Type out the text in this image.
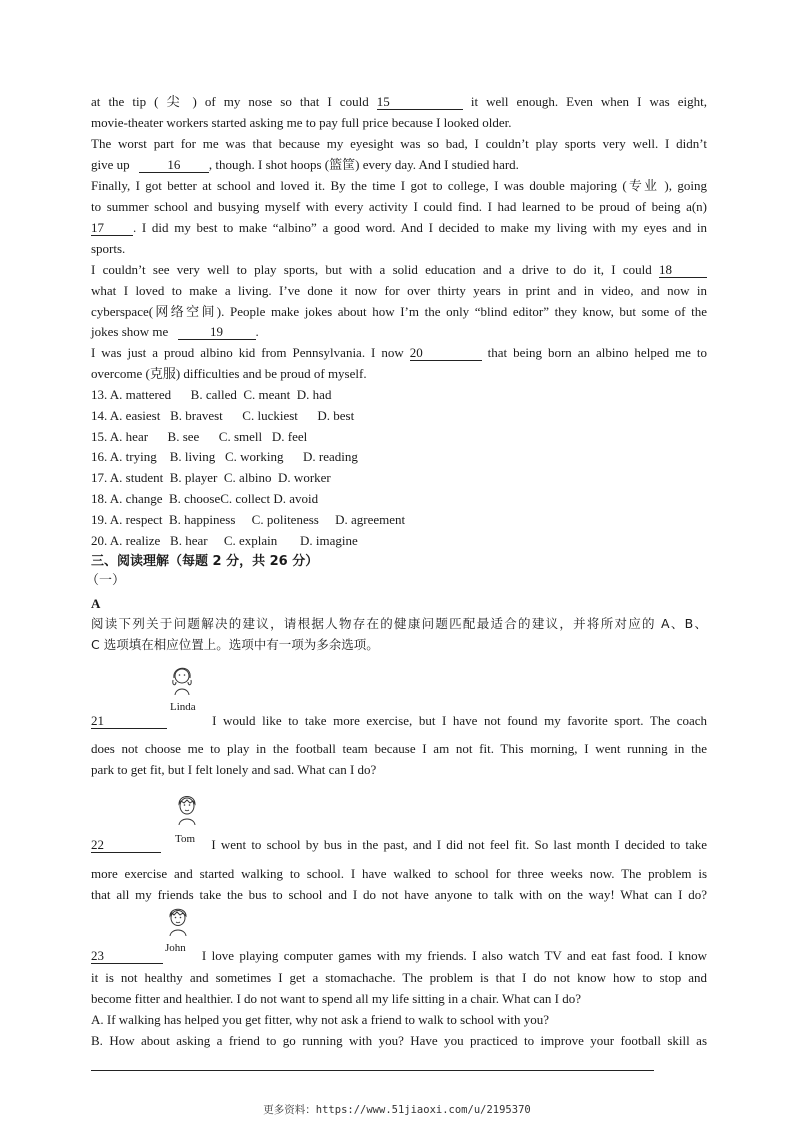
at the tip ( 尖 ) of my nose so that I could 15	it well enough. Even when I was eight,
movie-theater workers started asking me to pay full price because I looked older.
The worst part for me was that because my eyesight was so bad, I couldn’t play sports very well. I didn’t
give up	16 , though. I shot hoops (篮筐) every day. And I studied hard.
Finally, I got better at school and loved it. By the time I got to college, I was double majoring (专业 ), going
to summer school and busying myself with every activity I could find. I had learned to be proud of being a(n)
17 . I did my best to make “albino” a good word. And I decided to make my living with my eyes and in
sports.
I couldn’t see very well to play sports, but with a solid education and a drive to do it, I could 18
what I loved to make a living. I’ve done it now for over thirty years in print and in video, and now in
cyberspace(网络空间). People make jokes about how I’m the only “blind editor” they know, but some of the
jokes show me	19	.
I was just a proud albino kid from Pennsylvania. I now 20	that being born an albino helped me to
overcome (克服) difficulties and be proud of myself.
13. A. mattered      B. called  C. meant  D. had
14. A. easiest   B. bravest      C. luckiest      D. best
15. A. hear      B. see      C. smell   D. feel
16. A. trying    B. living   C. working      D. reading
17. A. student  B. player  C. albino  D. worker
18. A. change  B. chooseC. collect D. avoid
19. A. respect  B. happiness     C. politeness     D. agreement
20. A. realize   B. hear     C. explain       D. imagine
三、阅读理解（每题 2 分，共 26 分）
（一）
A
阅读下列关于问题解决的建议，请根据人物存在的健康问题匹配最适合的建议，并将所对应的 A、B、
C 选项填在相应位置上。选项中有一项为多余选项。
Linda
21	I would like to take more exercise, but I have not found my favorite sport. The coach
does not choose me to play in the football team because I am not fit. This morning, I went running in the
park to get fit, but I felt lonely and sad. What can I do?
Tom
22	I went to school by bus in the past, and I did not feel fit. So last month I decided to take
more exercise and started walking to school. I have walked to school for three weeks now. The problem is
that all my friends take the bus to school and I do not have anyone to talk with on the way! What can I do?
John
23	I love playing computer games with my friends. I also watch TV and eat fast food. I know
it is not healthy and sometimes I get a stomachache. The problem is that I do not know how to stop and
become fitter and healthier. I do not want to spend all my life sitting in a chair. What can I do?
A. If walking has helped you get fitter, why not ask a friend to walk to school with you?
B. How about asking a friend to go running with you? Have you practiced to improve your football skill as
更多资料：https://www.51jiaoxi.com/u/2195370
